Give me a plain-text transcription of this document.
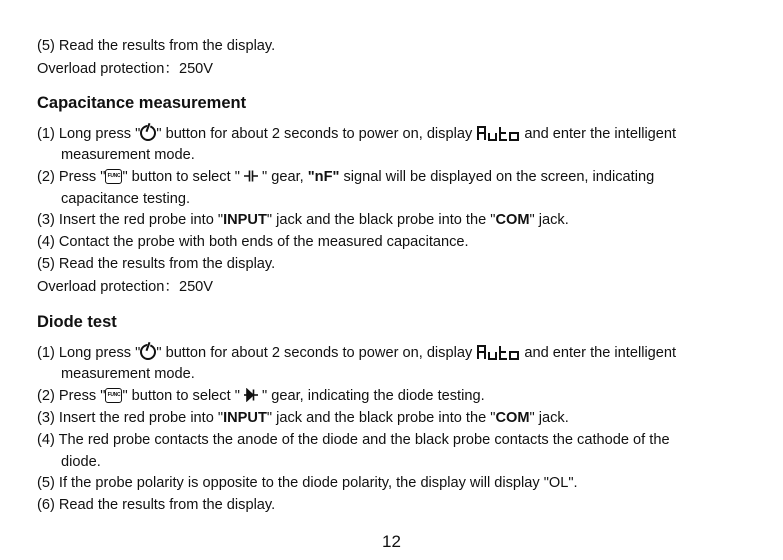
(5) Read the results from the display.
Overload protection：250V
Capacitance measurement
(1) Long press " " button for about 2 seconds to power on, display	and enter the intelligent
measurement mode.
(2) Press " FUNC " button to select "  " gear, "nF" signal will be displayed on the screen, indicating
capacitance testing.
(3) Insert the red probe into "INPUT" jack and the black probe into the "COM" jack.
(4) Contact the probe with both ends of the measured capacitance.
(5) Read the results from the display.
Overload protection：250V
Diode test
(1) Long press " " button for about 2 seconds to power on, display	and enter the intelligent
measurement mode.
(2) Press " FUNC " button to select "  " gear, indicating the diode testing.
(3) Insert the red probe into "INPUT" jack and the black probe into the "COM" jack.
(4) The red probe contacts the anode of the diode and the black probe contacts the cathode of the
diode.
(5) If the probe polarity is opposite to the diode polarity, the display will display "OL".
(6) Read the results from the display.
12
